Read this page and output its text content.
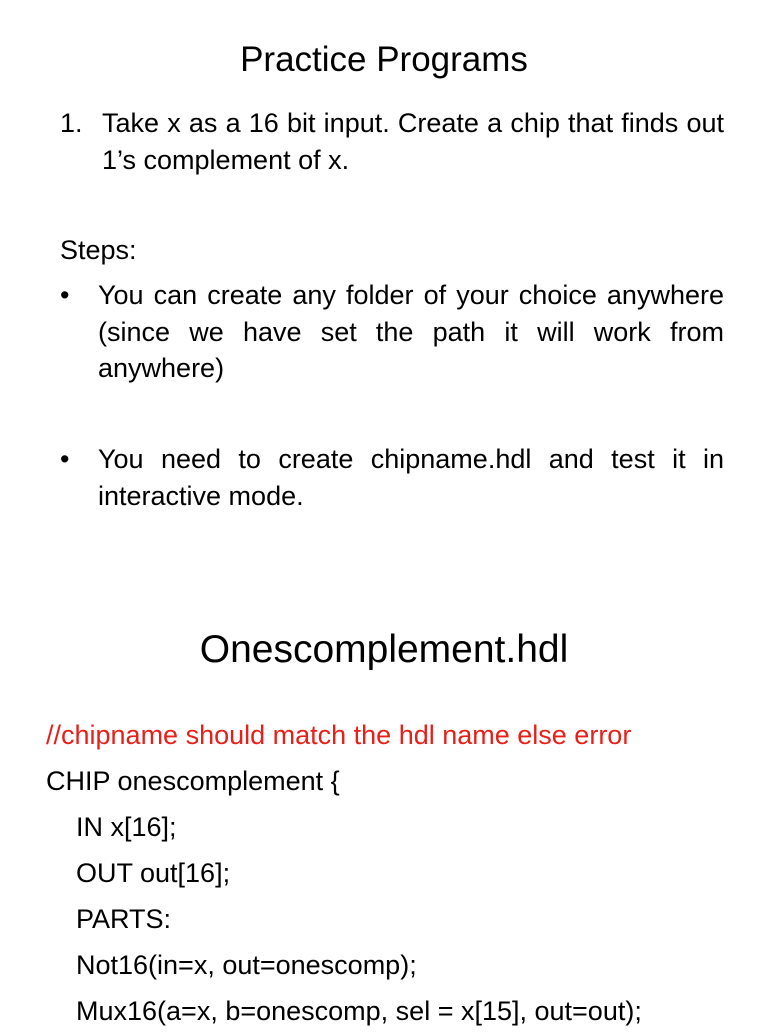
Practice Programs
1. Take x as a 16 bit input. Create a chip that finds out 1’s complement of x.
Steps:
• You can create any folder of your choice anywhere (since we have set the path it will work from anywhere)
• You need to create chipname.hdl and test it in interactive mode.
Onescomplement.hdl
//chipname should match the hdl name else error
CHIP onescomplement {
IN x[16];
OUT out[16];
PARTS:
Not16(in=x, out=onescomp);
Mux16(a=x, b=onescomp, sel = x[15], out=out);
